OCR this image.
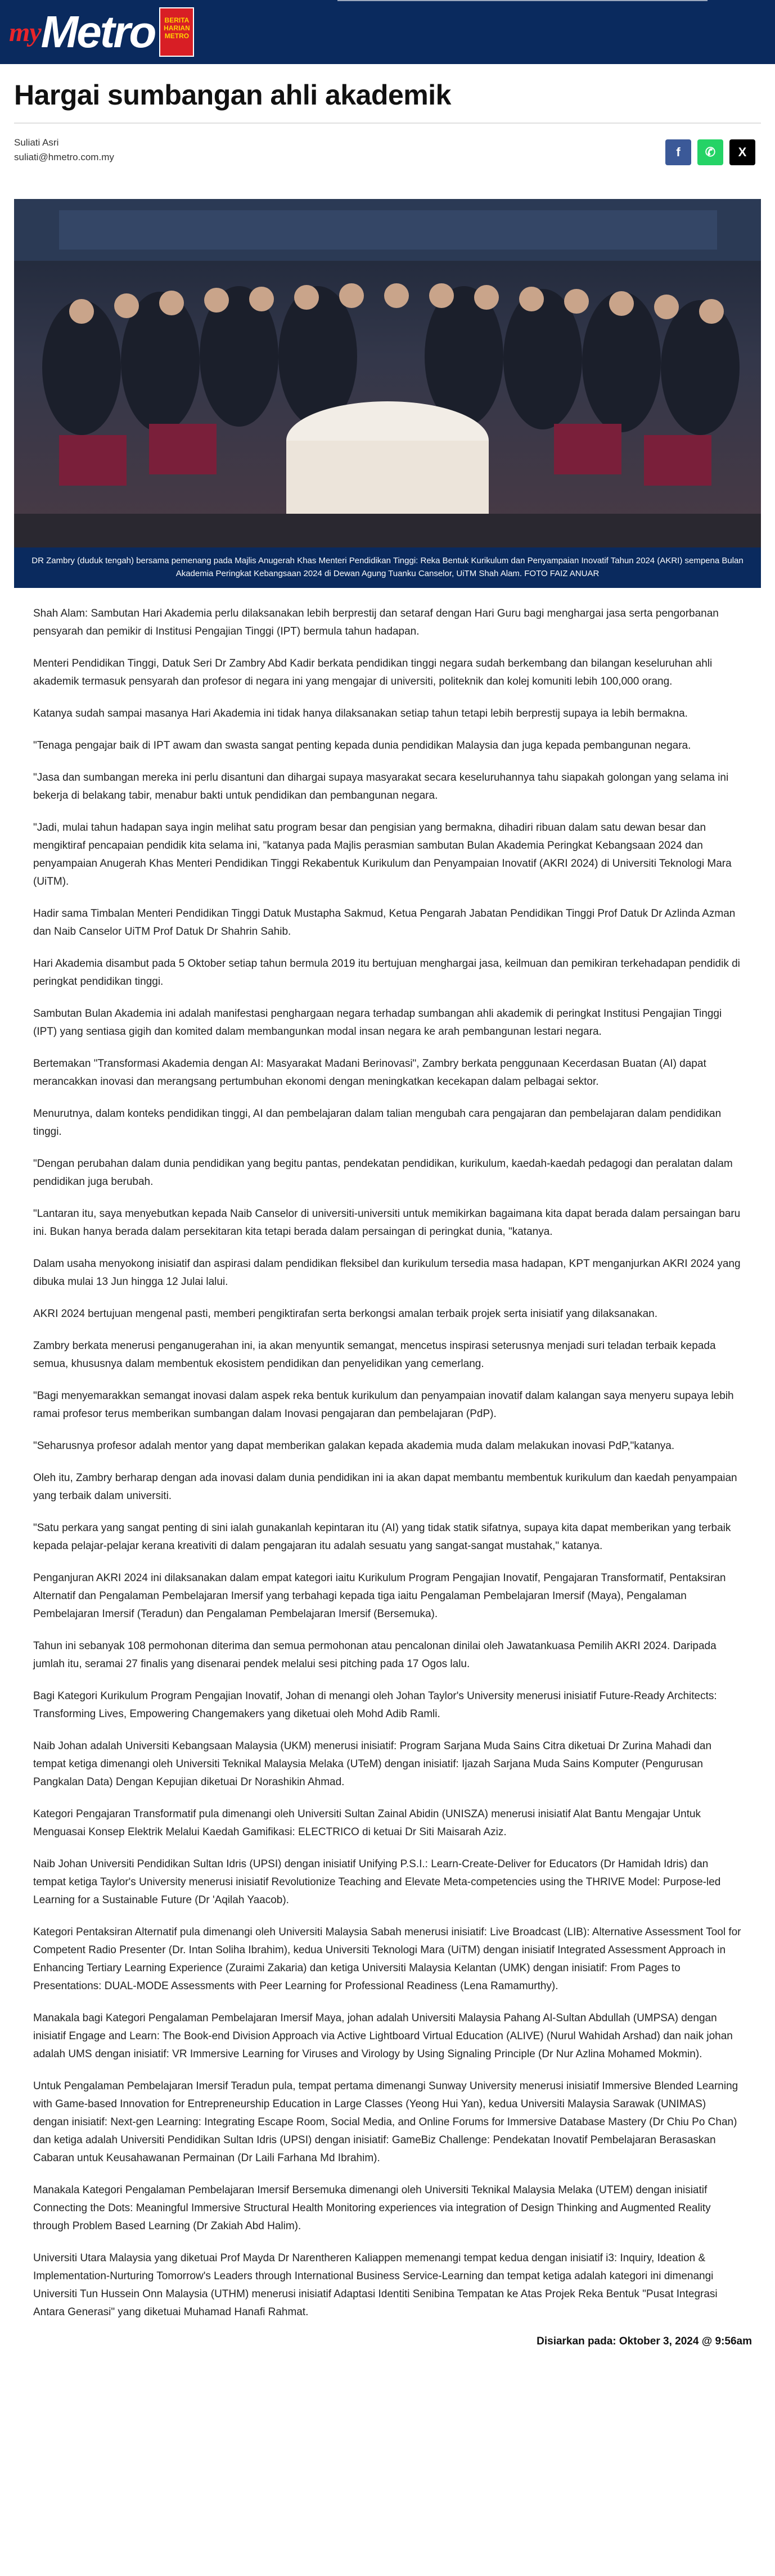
my Metro	BERITA HARIAN METRO
Hargai sumbangan ahli akademik
Suliati Asri
suliati@hmetro.com.my	f ✆ X
DR Zambry (duduk tengah) bersama pemenang pada Majlis Anugerah Khas Menteri Pendidikan Tinggi: Reka Bentuk Kurikulum dan Penyampaian Inovatif Tahun 2024 (AKRI) sempena Bulan Akademia Peringkat Kebangsaan 2024 di Dewan Agung Tuanku Canselor, UiTM Shah Alam. FOTO FAIZ ANUAR

Shah Alam: Sambutan Hari Akademia perlu dilaksanakan lebih berprestij dan setaraf dengan Hari Guru bagi menghargai jasa serta pengorbanan pensyarah dan pemikir di Institusi Pengajian Tinggi (IPT) bermula tahun hadapan.

Menteri Pendidikan Tinggi, Datuk Seri Dr Zambry Abd Kadir berkata pendidikan tinggi negara sudah berkembang dan bilangan keseluruhan ahli akademik termasuk pensyarah dan profesor di negara ini yang mengajar di universiti, politeknik dan kolej komuniti lebih 100,000 orang.

Katanya sudah sampai masanya Hari Akademia ini tidak hanya dilaksanakan setiap tahun tetapi lebih berprestij supaya ia lebih bermakna.

"Tenaga pengajar baik di IPT awam dan swasta sangat penting kepada dunia pendidikan Malaysia dan juga kepada pembangunan negara.

"Jasa dan sumbangan mereka ini perlu disantuni dan dihargai supaya masyarakat secara keseluruhannya tahu siapakah golongan yang selama ini bekerja di belakang tabir, menabur bakti untuk pendidikan dan pembangunan negara.

"Jadi, mulai tahun hadapan saya ingin melihat satu program besar dan pengisian yang bermakna, dihadiri ribuan dalam satu dewan besar dan mengiktiraf pencapaian pendidik kita selama ini, "katanya pada Majlis perasmian sambutan Bulan Akademia Peringkat Kebangsaan 2024 dan penyampaian Anugerah Khas Menteri Pendidikan Tinggi Rekabentuk Kurikulum dan Penyampaian Inovatif (AKRI 2024) di Universiti Teknologi Mara (UiTM).

Hadir sama Timbalan Menteri Pendidikan Tinggi Datuk Mustapha Sakmud, Ketua Pengarah Jabatan Pendidikan Tinggi Prof Datuk Dr Azlinda Azman dan Naib Canselor UiTM Prof Datuk Dr Shahrin Sahib.

Hari Akademia disambut pada 5 Oktober setiap tahun bermula 2019 itu bertujuan menghargai jasa, keilmuan dan pemikiran terkehadapan pendidik di peringkat pendidikan tinggi.

Sambutan Bulan Akademia ini adalah manifestasi penghargaan negara terhadap sumbangan ahli akademik di peringkat Institusi Pengajian Tinggi (IPT) yang sentiasa gigih dan komited dalam membangunkan modal insan negara ke arah pembangunan lestari negara.

Bertemakan "Transformasi Akademia dengan AI: Masyarakat Madani Berinovasi", Zambry berkata penggunaan Kecerdasan Buatan (AI) dapat merancakkan inovasi dan merangsang pertumbuhan ekonomi dengan meningkatkan kecekapan dalam pelbagai sektor.

Menurutnya, dalam konteks pendidikan tinggi, AI dan pembelajaran dalam talian mengubah cara pengajaran dan pembelajaran dalam pendidikan tinggi.

"Dengan perubahan dalam dunia pendidikan yang begitu pantas, pendekatan pendidikan, kurikulum, kaedah-kaedah pedagogi dan peralatan dalam pendidikan juga berubah.

"Lantaran itu, saya menyebutkan kepada Naib Canselor di universiti-universiti untuk memikirkan bagaimana kita dapat berada dalam persaingan baru ini. Bukan hanya berada dalam persekitaran kita tetapi berada dalam persaingan di peringkat dunia, "katanya.

Dalam usaha menyokong inisiatif dan aspirasi dalam pendidikan fleksibel dan kurikulum tersedia masa hadapan, KPT menganjurkan AKRI 2024 yang dibuka mulai 13 Jun hingga 12 Julai lalui.

AKRI 2024 bertujuan mengenal pasti, memberi pengiktirafan serta berkongsi amalan terbaik projek serta inisiatif yang dilaksanakan.

Zambry berkata menerusi penganugerahan ini, ia akan menyuntik semangat, mencetus inspirasi seterusnya menjadi suri teladan terbaik kepada semua, khususnya dalam membentuk ekosistem pendidikan dan penyelidikan yang cemerlang.

"Bagi menyemarakkan semangat inovasi dalam aspek reka bentuk kurikulum dan penyampaian inovatif dalam kalangan saya menyeru supaya lebih ramai profesor terus memberikan sumbangan dalam Inovasi pengajaran dan pembelajaran (PdP).

"Seharusnya profesor adalah mentor yang dapat memberikan galakan kepada akademia muda dalam melakukan inovasi PdP,"katanya.

Oleh itu, Zambry berharap dengan ada inovasi dalam dunia pendidikan ini ia akan dapat membantu membentuk kurikulum dan kaedah penyampaian yang terbaik dalam universiti.

"Satu perkara yang sangat penting di sini ialah gunakanlah kepintaran itu (AI) yang tidak statik sifatnya, supaya kita dapat memberikan yang terbaik kepada pelajar-pelajar kerana kreativiti di dalam pengajaran itu adalah sesuatu yang sangat-sangat mustahak," katanya.

Penganjuran AKRI 2024 ini dilaksanakan dalam empat kategori iaitu Kurikulum Program Pengajian Inovatif, Pengajaran Transformatif, Pentaksiran Alternatif dan Pengalaman Pembelajaran Imersif yang terbahagi kepada tiga iaitu Pengalaman Pembelajaran Imersif (Maya), Pengalaman Pembelajaran Imersif (Teradun) dan Pengalaman Pembelajaran Imersif (Bersemuka).

Tahun ini sebanyak 108 permohonan diterima dan semua permohonan atau pencalonan dinilai oleh Jawatankuasa Pemilih AKRI 2024. Daripada jumlah itu, seramai 27 finalis yang disenarai pendek melalui sesi pitching pada 17 Ogos lalu.

Bagi Kategori Kurikulum Program Pengajian Inovatif, Johan di menangi oleh Johan Taylor's University menerusi inisiatif Future-Ready Architects: Transforming Lives, Empowering Changemakers yang diketuai oleh Mohd Adib Ramli.

Naib Johan adalah Universiti Kebangsaan Malaysia (UKM) menerusi inisiatif: Program Sarjana Muda Sains Citra diketuai Dr Zurina Mahadi dan tempat ketiga dimenangi oleh Universiti Teknikal Malaysia Melaka (UTeM) dengan inisiatif: Ijazah Sarjana Muda Sains Komputer (Pengurusan Pangkalan Data) Dengan Kepujian diketuai Dr Norashikin Ahmad.

Kategori Pengajaran Transformatif pula dimenangi oleh Universiti Sultan Zainal Abidin (UNISZA) menerusi inisiatif Alat Bantu Mengajar Untuk Menguasai Konsep Elektrik Melalui Kaedah Gamifikasi: ELECTRICO di ketuai Dr Siti Maisarah Aziz.

Naib Johan Universiti Pendidikan Sultan Idris (UPSI) dengan inisiatif Unifying P.S.I.: Learn-Create-Deliver for Educators (Dr Hamidah Idris) dan tempat ketiga Taylor's University menerusi inisiatif Revolutionize Teaching and Elevate Meta-competencies using the THRIVE Model: Purpose-led Learning for a Sustainable Future (Dr 'Aqilah Yaacob).

Kategori Pentaksiran Alternatif pula dimenangi oleh Universiti Malaysia Sabah menerusi inisiatif: Live Broadcast (LIB): Alternative Assessment Tool for Competent Radio Presenter (Dr. Intan Soliha Ibrahim), kedua Universiti Teknologi Mara (UiTM) dengan inisiatif Integrated Assessment Approach in Enhancing Tertiary Learning Experience (Zuraimi Zakaria) dan ketiga Universiti Malaysia Kelantan (UMK) dengan inisiatif: From Pages to Presentations: DUAL-MODE Assessments with Peer Learning for Professional Readiness (Lena Ramamurthy).

Manakala bagi Kategori Pengalaman Pembelajaran Imersif Maya, johan adalah Universiti Malaysia Pahang Al-Sultan Abdullah (UMPSA) dengan inisiatif Engage and Learn: The Book-end Division Approach via Active Lightboard Virtual Education (ALIVE) (Nurul Wahidah Arshad) dan naik johan adalah UMS dengan inisiatif: VR Immersive Learning for Viruses and Virology by Using Signaling Principle (Dr Nur Azlina Mohamed Mokmin).

Untuk Pengalaman Pembelajaran Imersif Teradun pula, tempat pertama dimenangi Sunway University menerusi inisiatif Immersive Blended Learning with Game-based Innovation for Entrepreneurship Education in Large Classes (Yeong Hui Yan), kedua Universiti Malaysia Sarawak (UNIMAS) dengan inisiatif: Next-gen Learning: Integrating Escape Room, Social Media, and Online Forums for Immersive Database Mastery (Dr Chiu Po Chan) dan ketiga adalah Universiti Pendidikan Sultan Idris (UPSI) dengan inisiatif: GameBiz Challenge: Pendekatan Inovatif Pembelajaran Berasaskan Cabaran untuk Keusahawanan Permainan (Dr Laili Farhana Md Ibrahim).

Manakala Kategori Pengalaman Pembelajaran Imersif Bersemuka dimenangi oleh Universiti Teknikal Malaysia Melaka (UTEM) dengan inisiatif Connecting the Dots: Meaningful Immersive Structural Health Monitoring experiences via integration of Design Thinking and Augmented Reality through Problem Based Learning (Dr Zakiah Abd Halim).

Universiti Utara Malaysia yang diketuai Prof Mayda Dr Narentheren Kaliappen memenangi tempat kedua dengan inisiatif i3: Inquiry, Ideation & Implementation-Nurturing Tomorrow's Leaders through International Business Service-Learning dan tempat ketiga adalah kategori ini dimenangi Universiti Tun Hussein Onn Malaysia (UTHM) menerusi inisiatif Adaptasi Identiti Senibina Tempatan ke Atas Projek Reka Bentuk "Pusat Integrasi Antara Generasi" yang diketuai Muhamad Hanafi Rahmat.

Disiarkan pada: Oktober 3, 2024 @ 9:56am
